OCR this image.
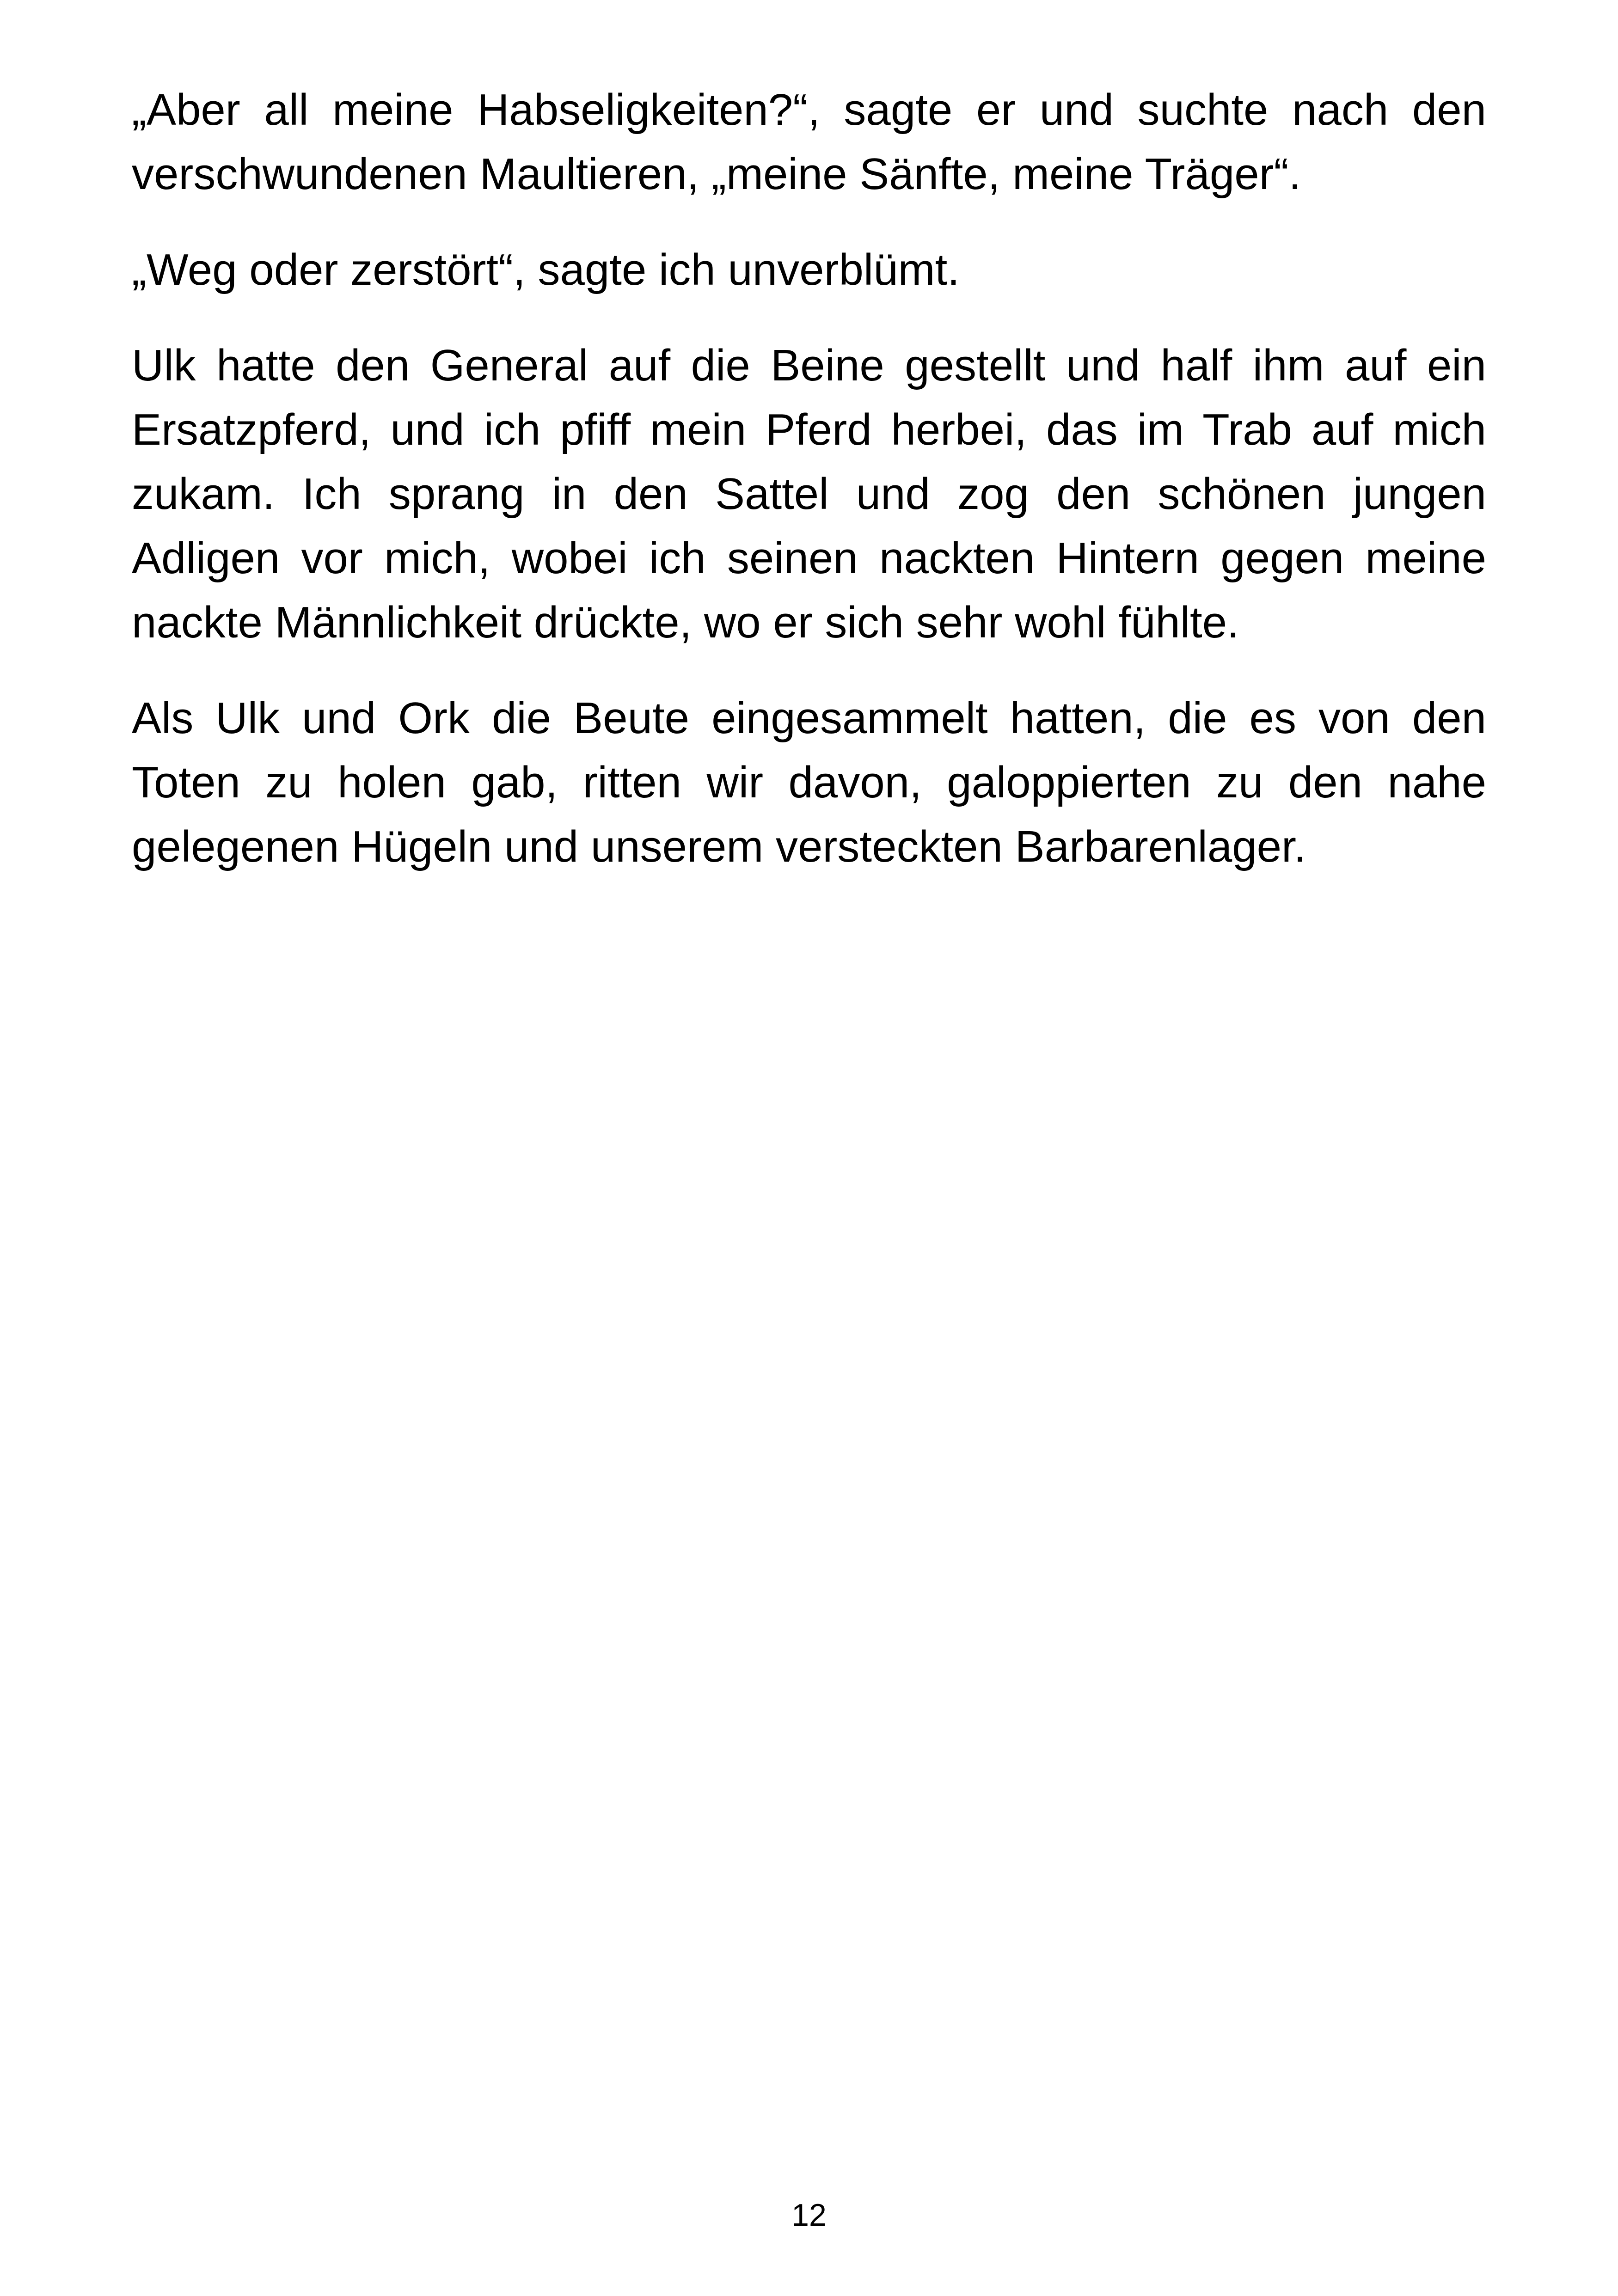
„Aber all meine Habseligkeiten?“, sagte er und suchte nach den verschwundenen Maultieren, „meine Sänfte, meine Träger“.

„Weg oder zerstört“, sagte ich unverblümt.

Ulk hatte den General auf die Beine gestellt und half ihm auf ein Ersatzpferd, und ich pfiff mein Pferd herbei, das im Trab auf mich zukam. Ich sprang in den Sattel und zog den schönen jungen Adligen vor mich, wobei ich seinen nackten Hintern gegen meine nackte Männlichkeit drückte, wo er sich sehr wohl fühlte.

Als Ulk und Ork die Beute eingesammelt hatten, die es von den Toten zu holen gab, ritten wir davon, galoppierten zu den nahe gelegenen Hügeln und unserem versteckten Barbarenlager.

12
